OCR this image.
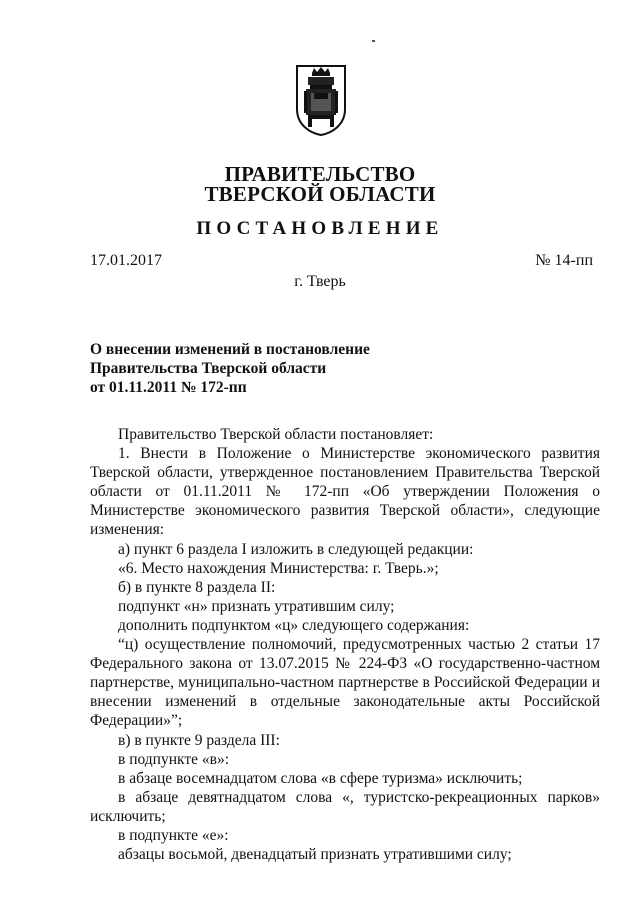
ПРАВИТЕЛЬСТВО
ТВЕРСКОЙ ОБЛАСТИ
ПОСТАНОВЛЕНИЕ
17.01.2017	№ 14-пп
г. Тверь
О внесении изменений в постановление
Правительства Тверской области
от 01.11.2011 № 172-пп

Правительство Тверской области постановляет:

1. Внести в Положение о Министерстве экономического развития Тверской области, утвержденное постановлением Правительства Тверской области от 01.11.2011 № 172-пп «Об утверждении Положения о Министерстве экономического развития Тверской области», следующие изменения:

а) пункт 6 раздела I изложить в следующей редакции:

«6. Место нахождения Министерства: г. Тверь.»;

б) в пункте 8 раздела II:

подпункт «н» признать утратившим силу;

дополнить подпунктом «ц» следующего содержания:

“ц) осуществление полномочий, предусмотренных частью 2 статьи 17 Федерального закона от 13.07.2015 № 224-ФЗ «О государственно-частном партнерстве, муниципально-частном партнерстве в Российской Федерации и внесении изменений в отдельные законодательные акты Российской Федерации»”;

в) в пункте 9 раздела III:

в подпункте «в»:

в абзаце восемнадцатом слова «в сфере туризма» исключить;

в абзаце девятнадцатом слова «, туристско-рекреационных парков» исключить;

в подпункте «е»:

абзацы восьмой, двенадцатый признать утратившими силу;
